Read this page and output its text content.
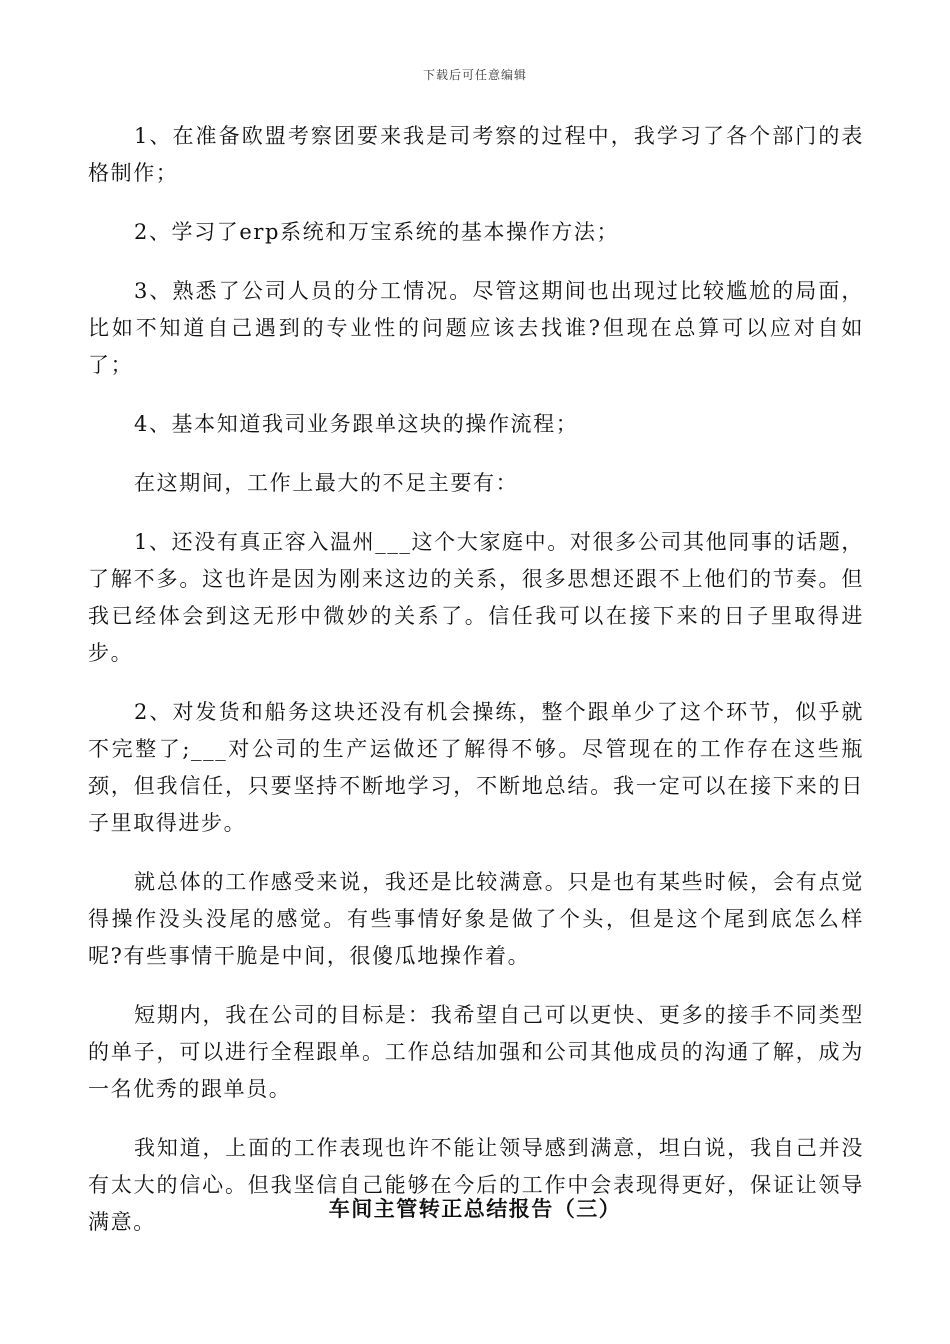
下载后可任意编辑

1、在准备欧盟考察团要来我是司考察的过程中，我学习了各个部门的表格制作；

2、学习了erp系统和万宝系统的基本操作方法；

3、熟悉了公司人员的分工情况。尽管这期间也出现过比较尴尬的局面，比如不知道自己遇到的专业性的问题应该去找谁?但现在总算可以应对自如了；

4、基本知道我司业务跟单这块的操作流程；

在这期间，工作上最大的不足主要有：

1、还没有真正容入温州___这个大家庭中。对很多公司其他同事的话题，了解不多。这也许是因为刚来这边的关系，很多思想还跟不上他们的节奏。但我已经体会到这无形中微妙的关系了。信任我可以在接下来的日子里取得进步。

2、对发货和船务这块还没有机会操练，整个跟单少了这个环节，似乎就不完整了;___对公司的生产运做还了解得不够。尽管现在的工作存在这些瓶颈，但我信任，只要坚持不断地学习，不断地总结。我一定可以在接下来的日子里取得进步。

就总体的工作感受来说，我还是比较满意。只是也有某些时候，会有点觉得操作没头没尾的感觉。有些事情好象是做了个头，但是这个尾到底怎么样呢?有些事情干脆是中间，很傻瓜地操作着。

短期内，我在公司的目标是：我希望自己可以更快、更多的接手不同类型的单子，可以进行全程跟单。工作总结加强和公司其他成员的沟通了解，成为一名优秀的跟单员。

我知道，上面的工作表现也许不能让领导感到满意，坦白说，我自己并没有太大的信心。但我坚信自己能够在今后的工作中会表现得更好，保证让领导满意。

车间主管转正总结报告（三）
